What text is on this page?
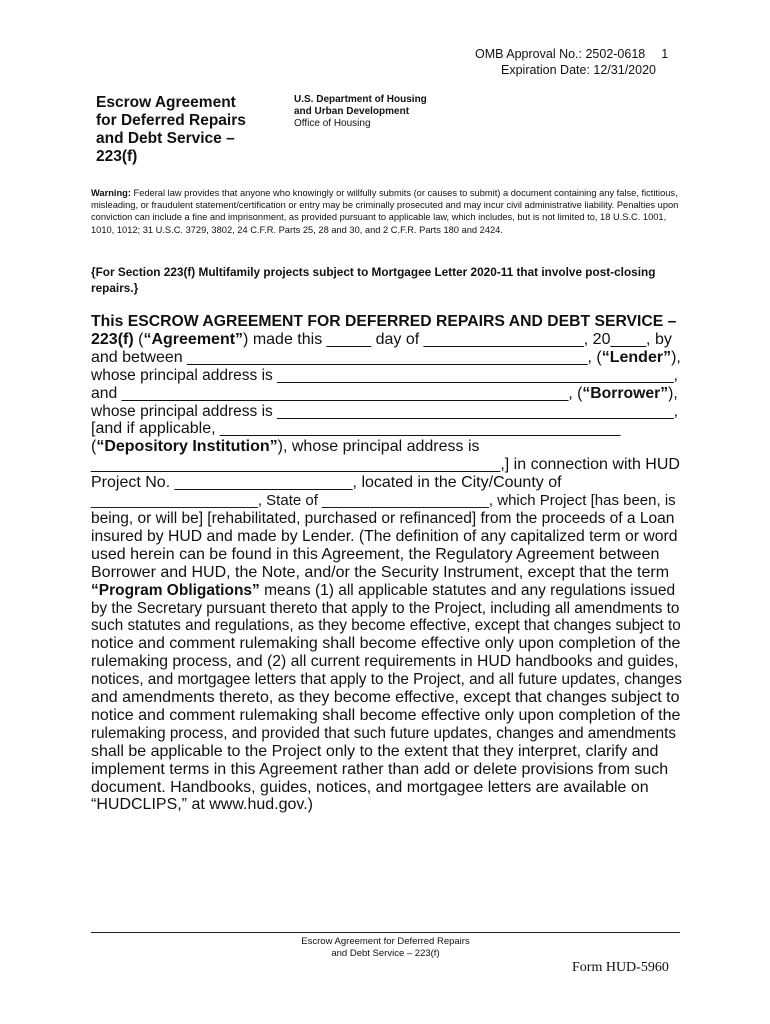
OMB Approval No.: 2502-0618 1
Expiration Date: 12/31/2020
Escrow Agreement
for Deferred Repairs
and Debt Service –
223(f)
U.S. Department of Housing
and Urban Development
Office of Housing
Warning: Federal law provides that anyone who knowingly or willfully submits (or causes to submit) a document containing any false, fictitious, misleading, or fraudulent statement/certification or entry may be criminally prosecuted and may incur civil administrative liability. Penalties upon conviction can include a fine and imprisonment, as provided pursuant to applicable law, which includes, but is not limited to, 18 U.S.C. 1001, 1010, 1012; 31 U.S.C. 3729, 3802, 24 C.F.R. Parts 25, 28 and 30, and 2 C.F.R. Parts 180 and 2424.
{For Section 223(f) Multifamily projects subject to Mortgagee Letter 2020-11 that involve post-closing repairs.}
This ESCROW AGREEMENT FOR DEFERRED REPAIRS AND DEBT SERVICE –
223(f) (“Agreement”) made this _____ day of __________________, 20____, by
and between _____________________________________________, (“Lender”),
whose principal address is ______________________________________________,
and ___________________________________________________, (“Borrower”),
whose principal address is ______________________________________________,
[and if applicable, _____________________________________________
(“Depository Institution”), whose principal address is
______________________________________________,] in connection with HUD
Project No. ____________________, located in the City/County of
____________________, State of ____________________, which Project [has been, is
being, or will be] [rehabilitated, purchased or refinanced] from the proceeds of a Loan
insured by HUD and made by Lender. (The definition of any capitalized term or word
used herein can be found in this Agreement, the Regulatory Agreement between
Borrower and HUD, the Note, and/or the Security Instrument, except that the term
“Program Obligations” means (1) all applicable statutes and any regulations issued
by the Secretary pursuant thereto that apply to the Project, including all amendments to
such statutes and regulations, as they become effective, except that changes subject to
notice and comment rulemaking shall become effective only upon completion of the
rulemaking process, and (2) all current requirements in HUD handbooks and guides,
notices, and mortgagee letters that apply to the Project, and all future updates, changes
and amendments thereto, as they become effective, except that changes subject to
notice and comment rulemaking shall become effective only upon completion of the
rulemaking process, and provided that such future updates, changes and amendments
shall be applicable to the Project only to the extent that they interpret, clarify and
implement terms in this Agreement rather than add or delete provisions from such
document. Handbooks, guides, notices, and mortgagee letters are available on
“HUDCLIPS,” at www.hud.gov.)
Escrow Agreement for Deferred Repairs
and Debt Service – 223(f)
Form HUD-5960
